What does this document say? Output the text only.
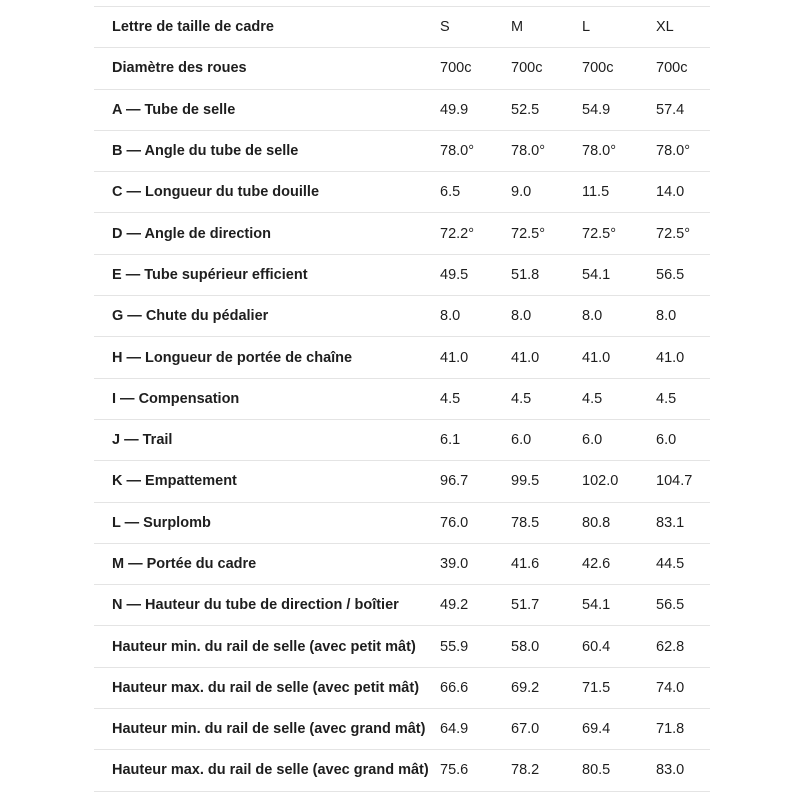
Lettre de taille de cadre	S	M	L	XL
Diamètre des roues	700c	700c	700c	700c
A — Tube de selle	49.9	52.5	54.9	57.4
B — Angle du tube de selle	78.0°	78.0°	78.0°	78.0°
C — Longueur du tube douille	6.5	9.0	11.5	14.0
D — Angle de direction	72.2°	72.5°	72.5°	72.5°
E — Tube supérieur efficient	49.5	51.8	54.1	56.5
G — Chute du pédalier	8.0	8.0	8.0	8.0
H — Longueur de portée de chaîne	41.0	41.0	41.0	41.0
I — Compensation	4.5	4.5	4.5	4.5
J — Trail	6.1	6.0	6.0	6.0
K — Empattement	96.7	99.5	102.0	104.7
L — Surplomb	76.0	78.5	80.8	83.1
M — Portée du cadre	39.0	41.6	42.6	44.5
N — Hauteur du tube de direction / boîtier	49.2	51.7	54.1	56.5
Hauteur min. du rail de selle (avec petit mât)	55.9	58.0	60.4	62.8
Hauteur max. du rail de selle (avec petit mât)	66.6	69.2	71.5	74.0
Hauteur min. du rail de selle (avec grand mât)	64.9	67.0	69.4	71.8
Hauteur max. du rail de selle (avec grand mât)	75.6	78.2	80.5	83.0
